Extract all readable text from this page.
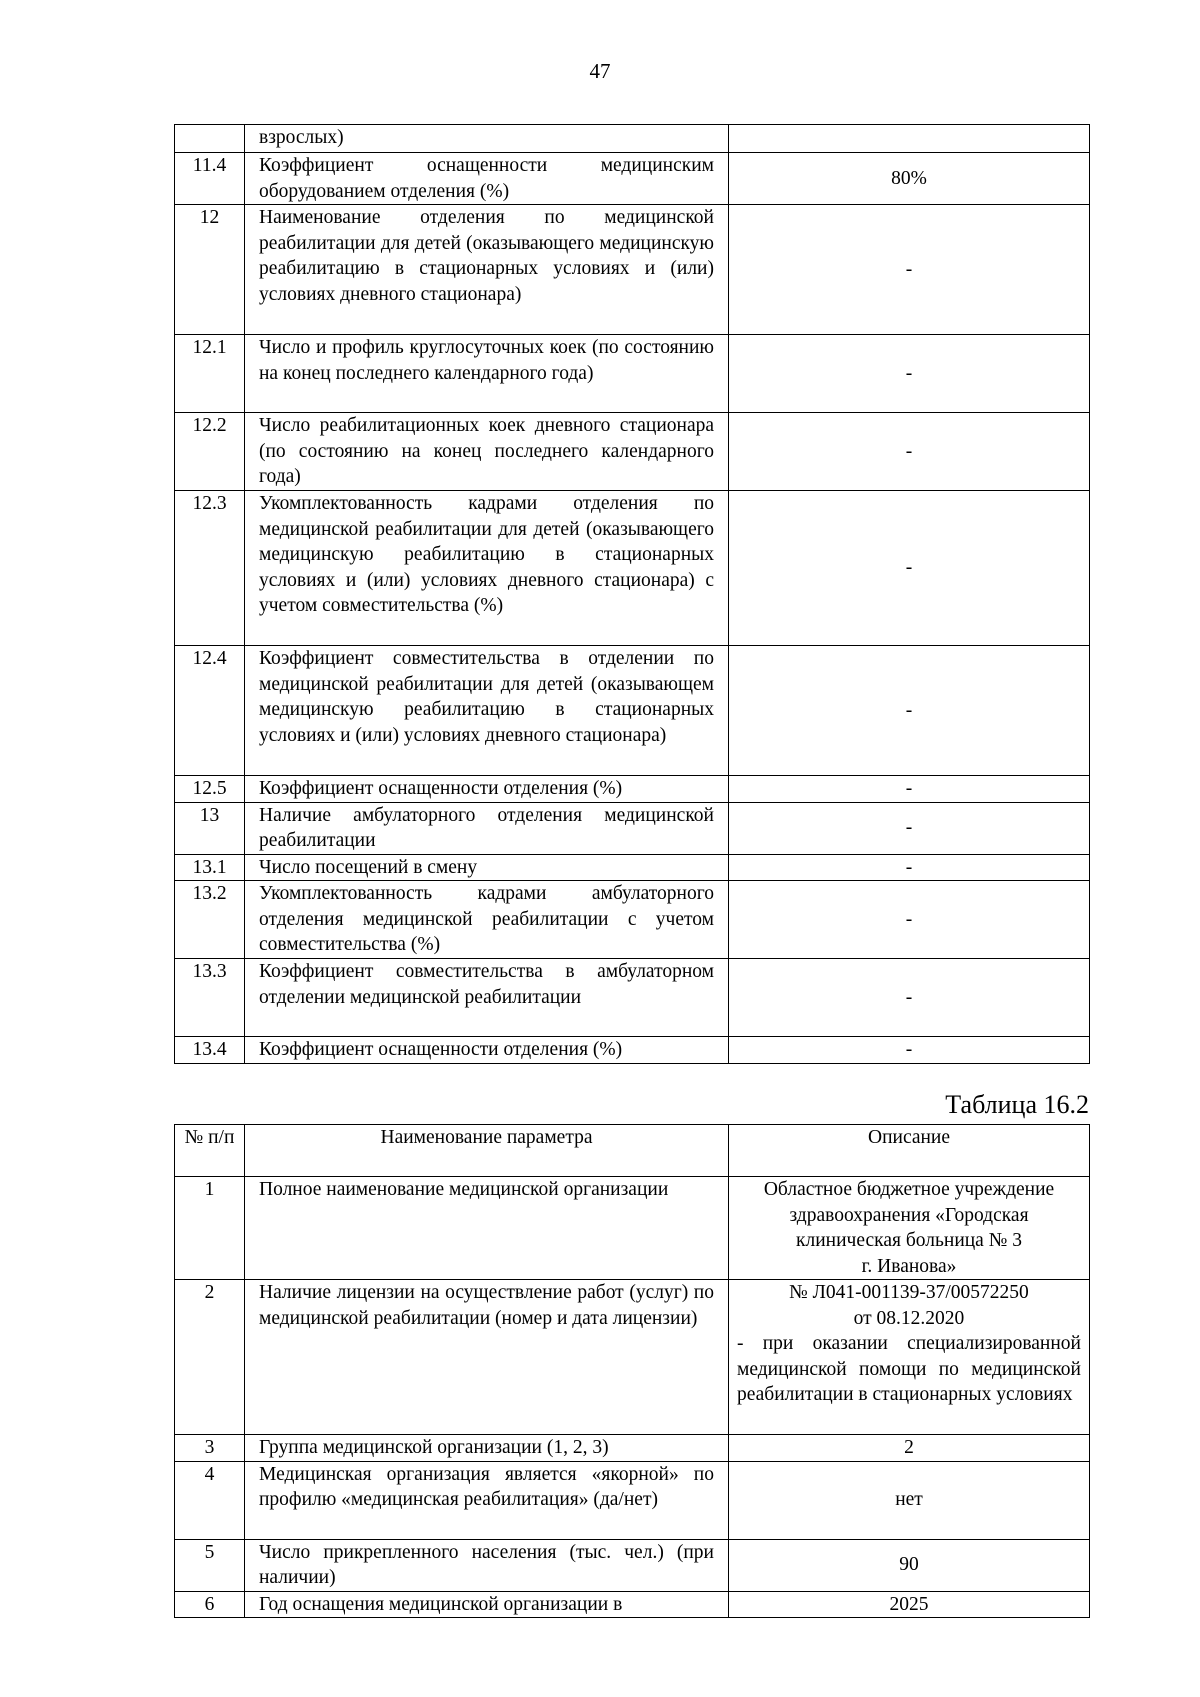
47
	взрослых)	
11.4	Коэффициент оснащенности медицинским оборудованием отделения (%)	80%
12	Наименование отделения по медицинской реабилитации для детей (оказывающего медицинскую реабилитацию в стационарных условиях и (или) условиях дневного стационара)	-
12.1	Число и профиль круглосуточных коек (по состоянию на конец последнего календарного года)	-
12.2	Число реабилитационных коек дневного стационара (по состоянию на конец последнего календарного года)	-
12.3	Укомплектованность кадрами отделения по медицинской реабилитации для детей (оказывающего медицинскую реабилитацию в стационарных условиях и (или) условиях дневного стационара) с учетом совместительства (%)	-
12.4	Коэффициент совместительства в отделении по медицинской реабилитации для детей (оказывающем медицинскую реабилитацию в стационарных условиях и (или) условиях дневного стационара)	-
12.5	Коэффициент оснащенности отделения (%)	-
13	Наличие амбулаторного отделения медицинской реабилитации	-
13.1	Число посещений в смену	-
13.2	Укомплектованность кадрами амбулаторного отделения медицинской реабилитации с учетом совместительства (%)	-
13.3	Коэффициент совместительства в амбулаторном отделении медицинской реабилитации	-
13.4	Коэффициент оснащенности отделения (%)	-
Таблица 16.2
№ п/п	Наименование параметра	Описание
1	Полное наименование медицинской организации	Областное бюджетное учреждение
здравоохранения «Городская
клиническая больница № 3
г. Иванова»

2	Наличие лицензии на осуществление работ (услуг) по медицинской реабилитации (номер и дата лицензии)	№ Л041-001139-37/00572250
от 08.12.2020
- при оказании специализированной медицинской помощи по медицинской реабилитации в стационарных условиях

3	Группа медицинской организации (1, 2, 3)	2
4	Медицинская организация является «якорной» по профилю «медицинская реабилитация» (да/нет)	нет
5	Число прикрепленного населения (тыс. чел.) (при наличии)	90
6	Год оснащения медицинской организации в	2025
